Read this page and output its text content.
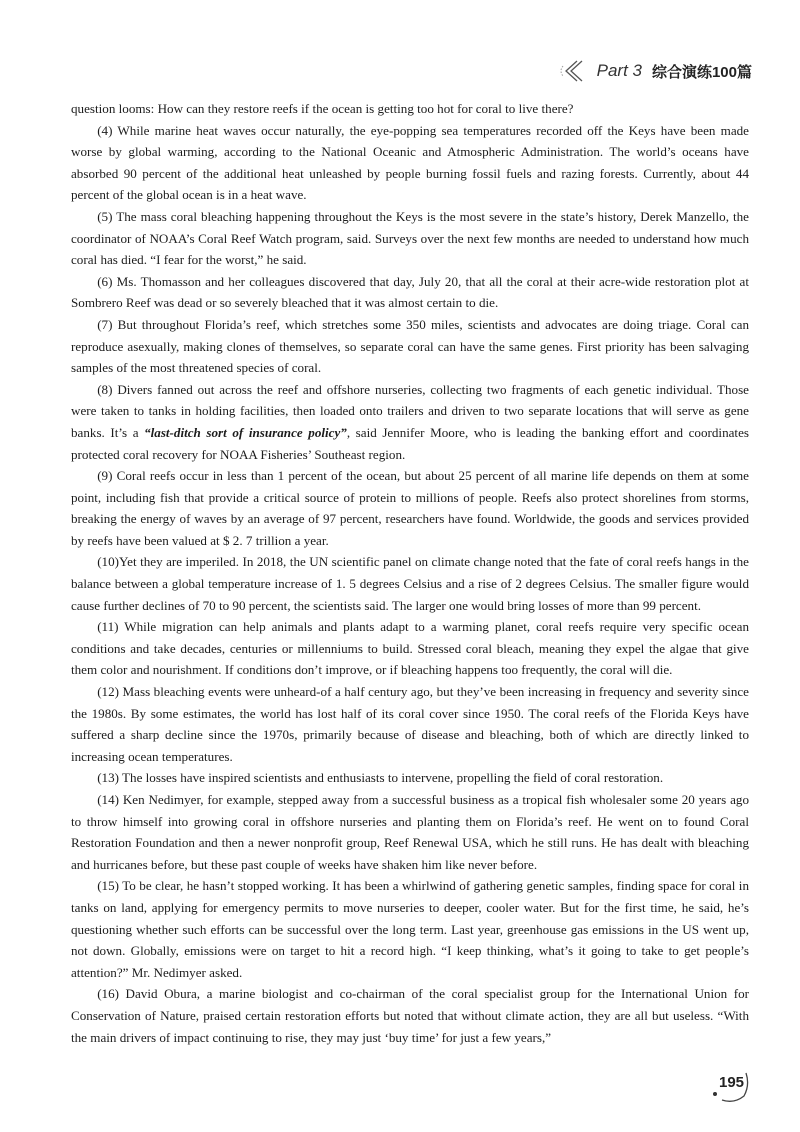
Part 3 综合演练100篇

question looms: How can they restore reefs if the ocean is getting too hot for coral to live there?

(4) While marine heat waves occur naturally, the eye-popping sea temperatures recorded off the Keys have been made worse by global warming, according to the National Oceanic and Atmospheric Administration. The world’s oceans have absorbed 90 percent of the additional heat unleashed by people burning fossil fuels and razing forests. Currently, about 44 percent of the global ocean is in a heat wave.

(5) The mass coral bleaching happening throughout the Keys is the most severe in the state’s history, Derek Manzello, the coordinator of NOAA’s Coral Reef Watch program, said. Surveys over the next few months are needed to understand how much coral has died. “I fear for the worst,” he said.

(6) Ms. Thomasson and her colleagues discovered that day, July 20, that all the coral at their acre-wide restoration plot at Sombrero Reef was dead or so severely bleached that it was almost certain to die.

(7) But throughout Florida’s reef, which stretches some 350 miles, scientists and advocates are doing triage. Coral can reproduce asexually, making clones of themselves, so separate coral can have the same genes. First priority has been salvaging samples of the most threatened species of coral.

(8) Divers fanned out across the reef and offshore nurseries, collecting two fragments of each genetic individual. Those were taken to tanks in holding facilities, then loaded onto trailers and driven to two separate locations that will serve as gene banks. It’s a “last-ditch sort of insurance policy”, said Jennifer Moore, who is leading the banking effort and coordinates protected coral recovery for NOAA Fisheries’ Southeast region.

(9) Coral reefs occur in less than 1 percent of the ocean, but about 25 percent of all marine life depends on them at some point, including fish that provide a critical source of protein to millions of people. Reefs also protect shorelines from storms, breaking the energy of waves by an average of 97 percent, researchers have found. Worldwide, the goods and services provided by reefs have been valued at $ 2. 7 trillion a year.

(10)Yet they are imperiled. In 2018, the UN scientific panel on climate change noted that the fate of coral reefs hangs in the balance between a global temperature increase of 1. 5 degrees Celsius and a rise of 2 degrees Celsius. The smaller figure would cause further declines of 70 to 90 percent, the scientists said. The larger one would bring losses of more than 99 percent.

(11) While migration can help animals and plants adapt to a warming planet, coral reefs require very specific ocean conditions and take decades, centuries or millenniums to build. Stressed coral bleach, meaning they expel the algae that give them color and nourishment. If conditions don’t improve, or if bleaching happens too frequently, the coral will die.

(12) Mass bleaching events were unheard-of a half century ago, but they’ve been increasing in frequency and severity since the 1980s. By some estimates, the world has lost half of its coral cover since 1950. The coral reefs of the Florida Keys have suffered a sharp decline since the 1970s, primarily because of disease and bleaching, both of which are directly linked to increasing ocean temperatures.

(13) The losses have inspired scientists and enthusiasts to intervene, propelling the field of coral restoration.

(14) Ken Nedimyer, for example, stepped away from a successful business as a tropical fish wholesaler some 20 years ago to throw himself into growing coral in offshore nurseries and planting them on Florida’s reef. He went on to found Coral Restoration Foundation and then a newer nonprofit group, Reef Renewal USA, which he still runs. He has dealt with bleaching and hurricanes before, but these past couple of weeks have shaken him like never before.

(15) To be clear, he hasn’t stopped working. It has been a whirlwind of gathering genetic samples, finding space for coral in tanks on land, applying for emergency permits to move nurseries to deeper, cooler water. But for the first time, he said, he’s questioning whether such efforts can be successful over the long term. Last year, greenhouse gas emissions in the US went up, not down. Globally, emissions were on target to hit a record high. “I keep thinking, what’s it going to take to get people’s attention?” Mr. Nedimyer asked.

(16) David Obura, a marine biologist and co-chairman of the coral specialist group for the International Union for Conservation of Nature, praised certain restoration efforts but noted that without climate action, they are all but useless. “With the main drivers of impact continuing to rise, they may just ‘buy time’ for just a few years,”

195
